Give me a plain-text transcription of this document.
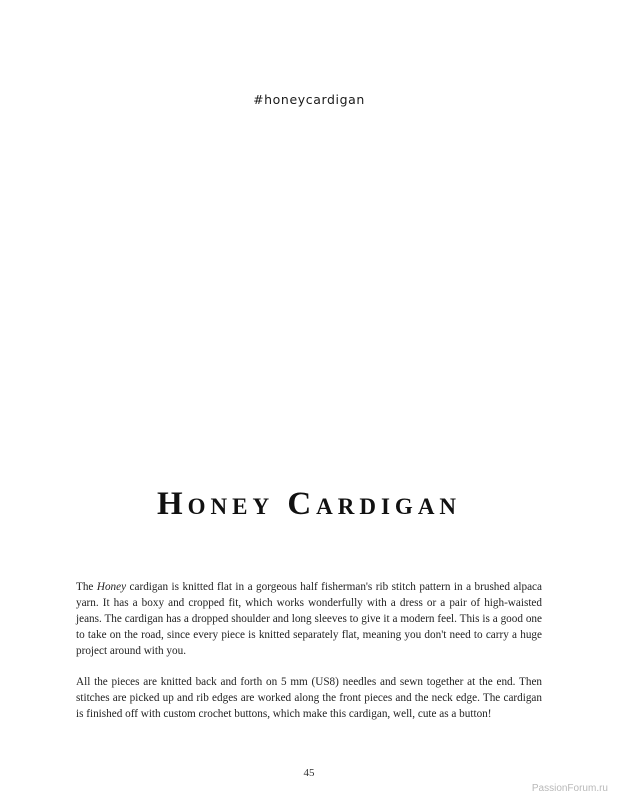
#honeycardigan
Honey Cardigan

The Honey cardigan is knitted flat in a gorgeous half fisherman's rib stitch pattern in a brushed alpaca yarn. It has a boxy and cropped fit, which works wonderfully with a dress or a pair of high-waisted jeans. The cardigan has a dropped shoulder and long sleeves to give it a modern feel. This is a good one to take on the road, since every piece is knitted separately flat, meaning you don't need to carry a huge project around with you.

All the pieces are knitted back and forth on 5 mm (US8) needles and sewn together at the end. Then stitches are picked up and rib edges are worked along the front pieces and the neck edge. The cardigan is finished off with custom crochet buttons, which make this cardigan, well, cute as a button!

45
PassionForum.ru
